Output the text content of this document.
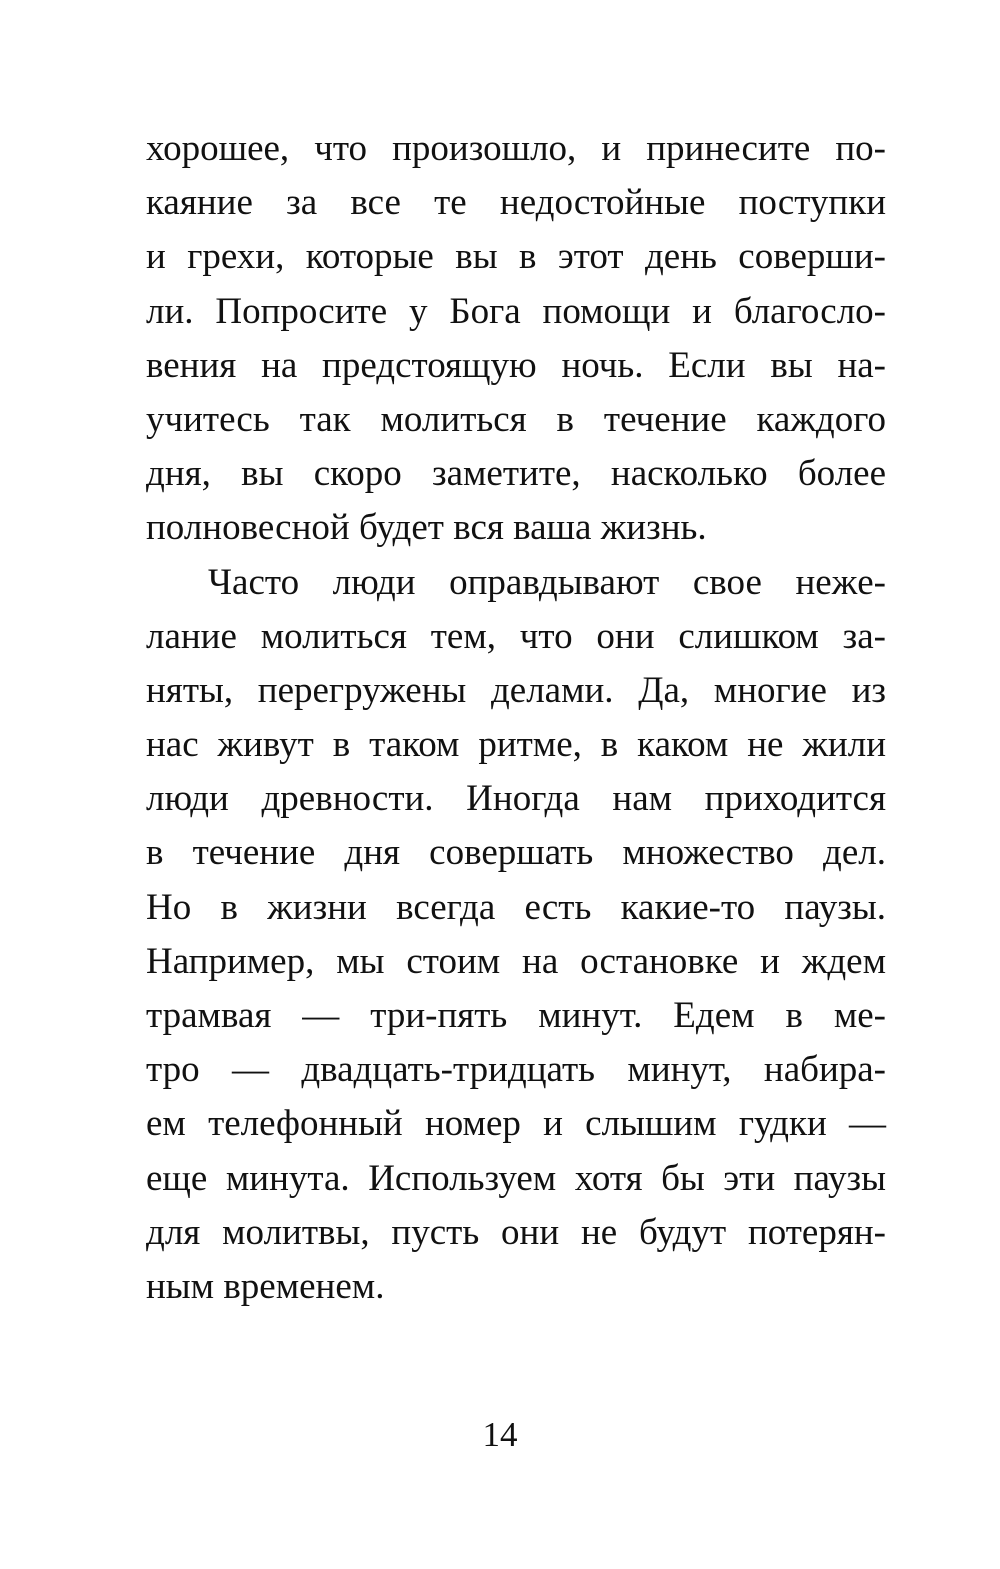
хорошее, что произошло, и принесите по-
каяние за все те недостойные поступки
и грехи, которые вы в этот день соверши-
ли. Попросите у Бога помощи и благосло-
вения на предстоящую ночь. Если вы на-
учитесь так молиться в течение каждого
дня, вы скоро заметите, насколько более
полновесной будет вся ваша жизнь.
Часто люди оправдывают свое нежe-
лание молиться тем, что они слишком за-
няты, перегружены делами. Да, многие из
нас живут в таком ритме, в каком не жили
люди древности. Иногда нам приходится
в течение дня совершать множество дел.
Но в жизни всегда есть какие-то паузы.
Например, мы стоим на остановке и ждем
трамвая — три-пять минут. Едем в ме-
тро — двадцать-тридцать минут, набира-
ем телефонный номер и слышим гудки —
еще минута. Используем хотя бы эти паузы
для молитвы, пусть они не будут потерян-
ным временем.
14
